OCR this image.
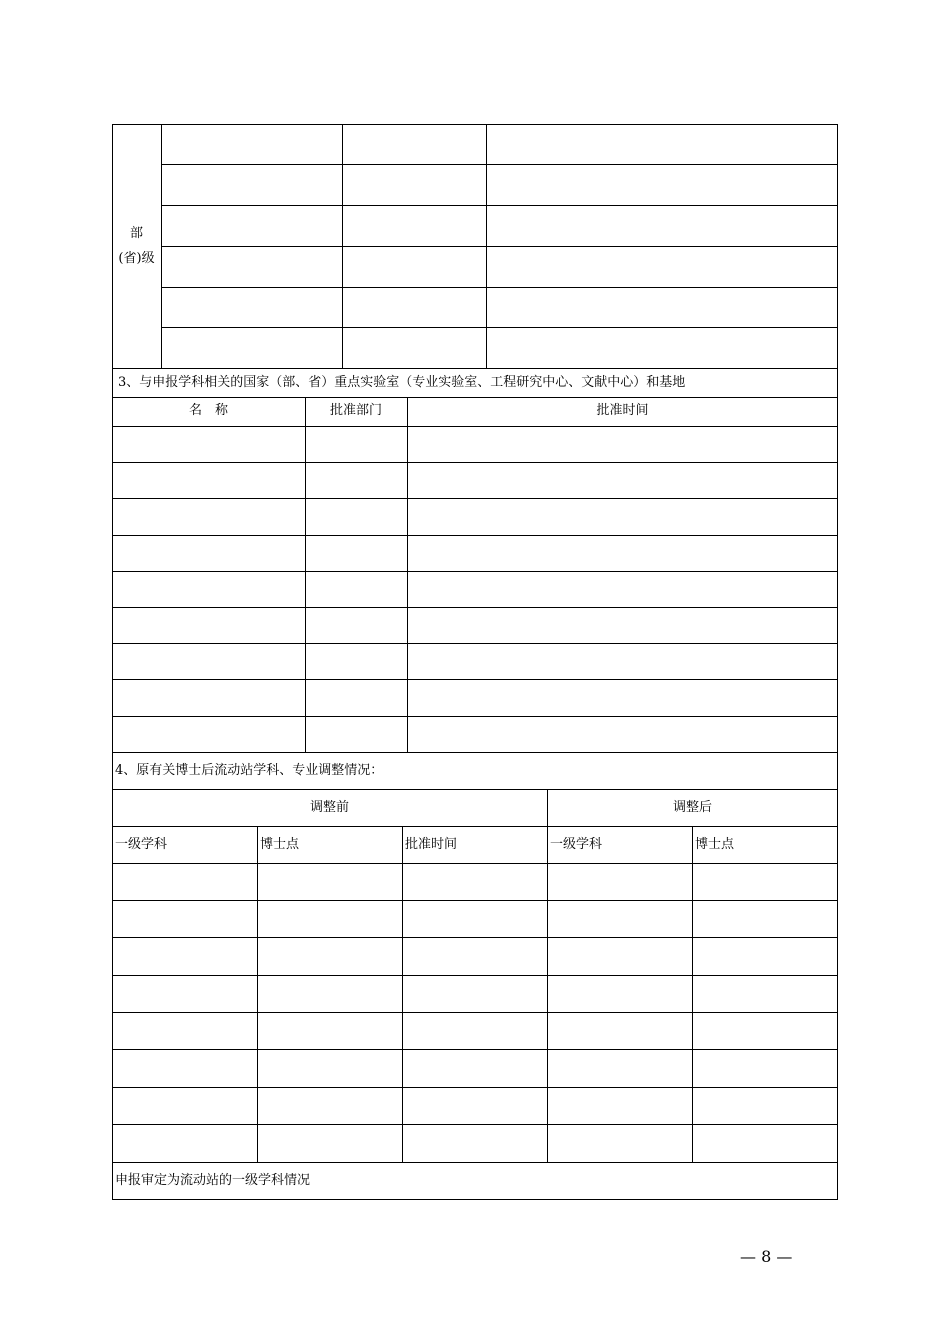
部
(省)级
3、与申报学科相关的国家（部、省）重点实验室（专业实验室、工程研究中心、文献中心）和基地
名　称	批准部门	批准时间
4、原有关博士后流动站学科、专业调整情况：
调整前	调整后
一级学科	博士点	批准时间	一级学科	博士点
申报审定为流动站的一级学科情况
— 8 —
